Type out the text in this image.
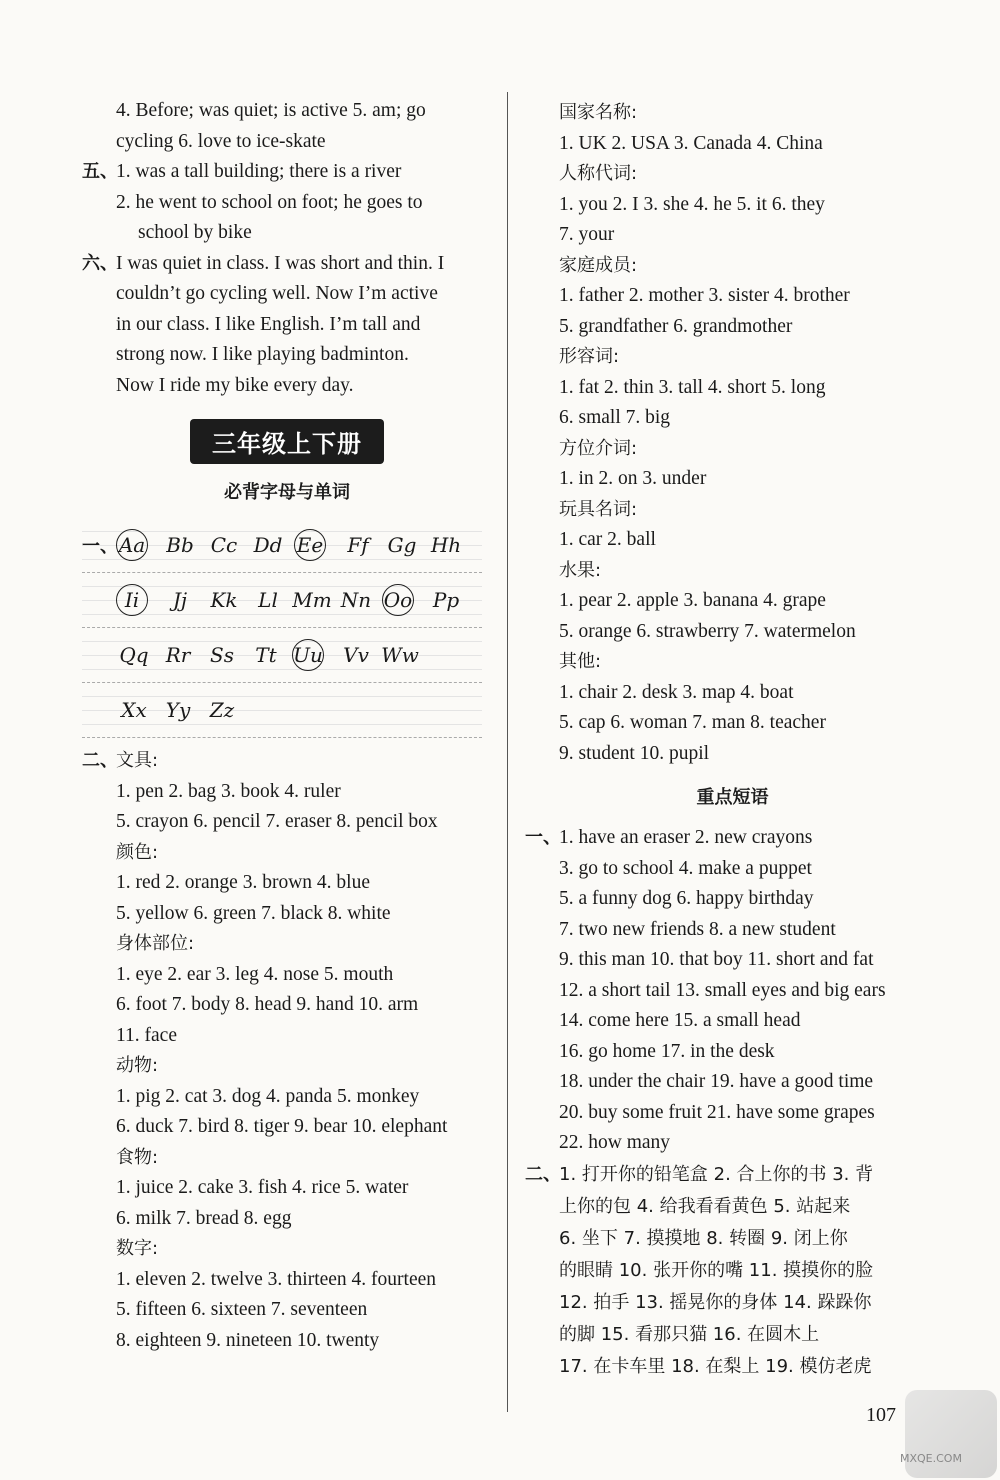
4. Before; was quiet; is active 5. am; go
cycling 6. love to ice-skate
五、1. was a tall building; there is a river
2. he went to school on foot; he goes to
school by bike
六、I was quiet in class. I was short and thin. I
couldn’t go cycling well. Now I’m active
in our class. I like English. I’m tall and
strong now. I like playing badminton.
Now I ride my bike every day.
三年级上下册
必背字母与单词
一、 Aa Bb Cc Dd Ee	Ff Gg Hh
Ii	Jj	Kk	Ll Mm Nn Oo Pp
Qq Rr Ss	Tt Uu Vv Ww
Xx Yy Zz
二、文具:
1. pen 2. bag 3. book 4. ruler
5. crayon 6. pencil 7. eraser 8. pencil box
颜色:
1. red 2. orange 3. brown 4. blue
5. yellow 6. green 7. black 8. white
身体部位:
1. eye 2. ear 3. leg 4. nose 5. mouth
6. foot 7. body 8. head 9. hand 10. arm
11. face
动物:
1. pig 2. cat 3. dog 4. panda 5. monkey
6. duck 7. bird 8. tiger 9. bear 10. elephant
食物:
1. juice 2. cake 3. fish 4. rice 5. water
6. milk 7. bread 8. egg
数字:
1. eleven 2. twelve 3. thirteen 4. fourteen
5. fifteen 6. sixteen 7. seventeen
8. eighteen 9. nineteen 10. twenty
国家名称:
1. UK 2. USA 3. Canada 4. China
人称代词:
1. you 2. I 3. she 4. he 5. it 6. they
7. your
家庭成员:
1. father 2. mother 3. sister 4. brother
5. grandfather 6. grandmother
形容词:
1. fat 2. thin 3. tall 4. short 5. long
6. small 7. big
方位介词:
1. in 2. on 3. under
玩具名词:
1. car 2. ball
水果:
1. pear 2. apple 3. banana 4. grape
5. orange 6. strawberry 7. watermelon
其他:
1. chair 2. desk 3. map 4. boat
5. cap 6. woman 7. man 8. teacher
9. student 10. pupil
重点短语
一、1. have an eraser 2. new crayons
3. go to school 4. make a puppet
5. a funny dog 6. happy birthday
7. two new friends 8. a new student
9. this man 10. that boy 11. short and fat
12. a short tail 13. small eyes and big ears
14. come here 15. a small head
16. go home 17. in the desk
18. under the chair 19. have a good time
20. buy some fruit 21. have some grapes
22. how many
二、1. 打开你的铅笔盒 2. 合上你的书 3. 背
上你的包 4. 给我看看黄色 5. 站起来
6. 坐下 7. 摸摸地 8. 转圈 9. 闭上你
的眼睛 10. 张开你的嘴 11. 摸摸你的脸
12. 拍手 13. 摇晃你的身体 14. 跺跺你
的脚 15. 看那只猫 16. 在圆木上
17. 在卡车里 18. 在梨上 19. 模仿老虎
107
MXQE.COM
